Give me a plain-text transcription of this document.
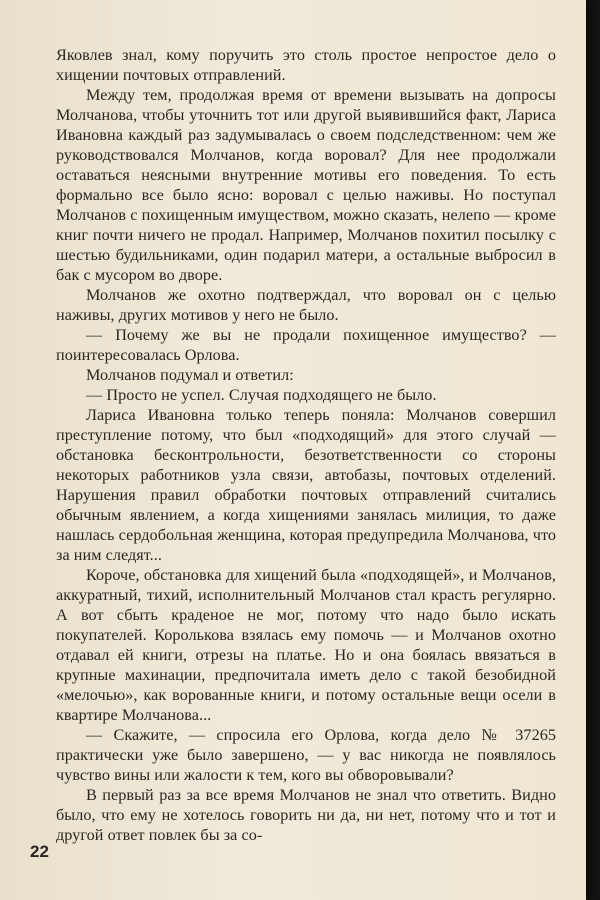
Яковлев знал, кому поручить это столь простое непростое дело о хищении почтовых отправлений.

Между тем, продолжая время от времени вызывать на допросы Молчанова, чтобы уточнить тот или другой выявившийся факт, Лариса Ивановна каждый раз задумывалась о своем подследственном: чем же руководствовался Молчанов, когда воровал? Для нее продолжали оставаться неясными внутренние мотивы его поведения. То есть формально все было ясно: воровал с целью наживы. Но поступал Молчанов с похищенным имуществом, можно сказать, нелепо — кроме книг почти ничего не продал. Например, Молчанов похитил посылку с шестью будильниками, один подарил матери, а остальные выбросил в бак с мусором во дворе.

Молчанов же охотно подтверждал, что воровал он с целью наживы, других мотивов у него не было.

— Почему же вы не продали похищенное имущество? — поинтересовалась Орлова.

Молчанов подумал и ответил:

— Просто не успел. Случая подходящего не было.

Лариса Ивановна только теперь поняла: Молчанов совершил преступление потому, что был «подходящий» для этого случай — обстановка бесконтрольности, безответственности со стороны некоторых работников узла связи, автобазы, почтовых отделений. Нарушения правил обработки почтовых отправлений считались обычным явлением, а когда хищениями занялась милиция, то даже нашлась сердобольная женщина, которая предупредила Молчанова, что за ним следят...

Короче, обстановка для хищений была «подходящей», и Молчанов, аккуратный, тихий, исполнительный Молчанов стал красть регулярно. А вот сбыть краденое не мог, потому что надо было искать покупателей. Королькова взялась ему помочь — и Молчанов охотно отдавал ей книги, отрезы на платье. Но и она боялась ввязаться в крупные махинации, предпочитала иметь дело с такой безобидной «мелочью», как ворованные книги, и потому остальные вещи осели в квартире Молчанова...

— Скажите, — спросила его Орлова, когда дело № 37265 практически уже было завершено, — у вас никогда не появлялось чувство вины или жалости к тем, кого вы обворовывали?

В первый раз за все время Молчанов не знал что ответить. Видно было, что ему не хотелось говорить ни да, ни нет, потому что и тот и другой ответ повлек бы за со-

22
